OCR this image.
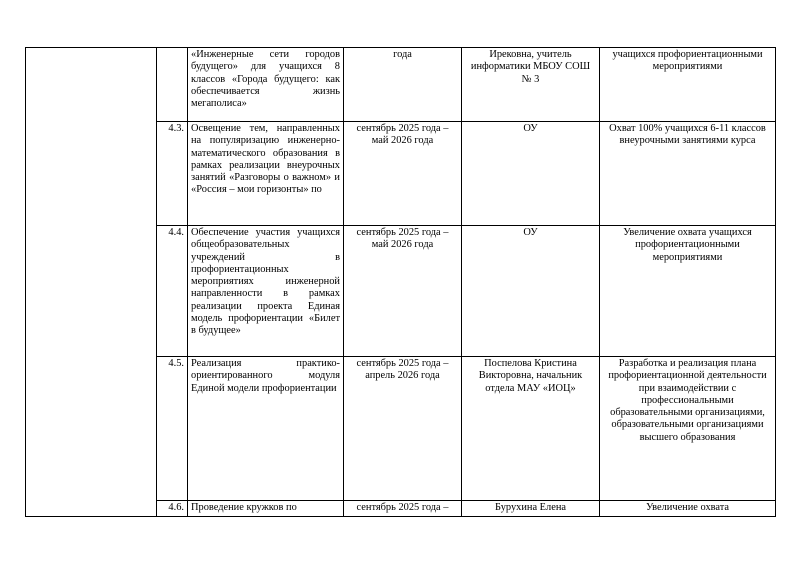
		«Инженерные сети городов будущего» для учащихся 8 классов «Города будущего: как обеспечивается жизнь мегаполиса»	года	Ирековна, учитель информатики МБОУ СОШ № 3	учащихся профориентационными мероприятиями
	4.3.	Освещение тем, направленных на популяризацию инженерно-математического образования в рамках реализации внеурочных занятий «Разговоры о важном» и «Россия – мои горизонты» по	сентябрь 2025 года – май 2026 года	ОУ	Охват 100% учащихся 6-11 классов внеурочными занятиями курса
	4.4.	Обеспечение участия учащихся общеобразовательных учреждений в профориентационных мероприятиях инженерной направленности в рамках реализации проекта Единая модель профориентации «Билет в будущее»	сентябрь 2025 года – май 2026 года	ОУ	Увеличение охвата учащихся профориентационными мероприятиями
	4.5.	Реализация практико-ориентированного модуля Единой модели профориентации	сентябрь 2025 года – апрель 2026 года	Поспелова Кристина Викторовна, начальник отдела МАУ «ИОЦ»	Разработка и реализация плана профориентационной деятельности при взаимодействии с профессиональными образовательными организациями, образовательными организациями высшего образования
	4.6.	Проведение кружков по	сентябрь 2025 года –	Бурухина Елена	Увеличение охвата
